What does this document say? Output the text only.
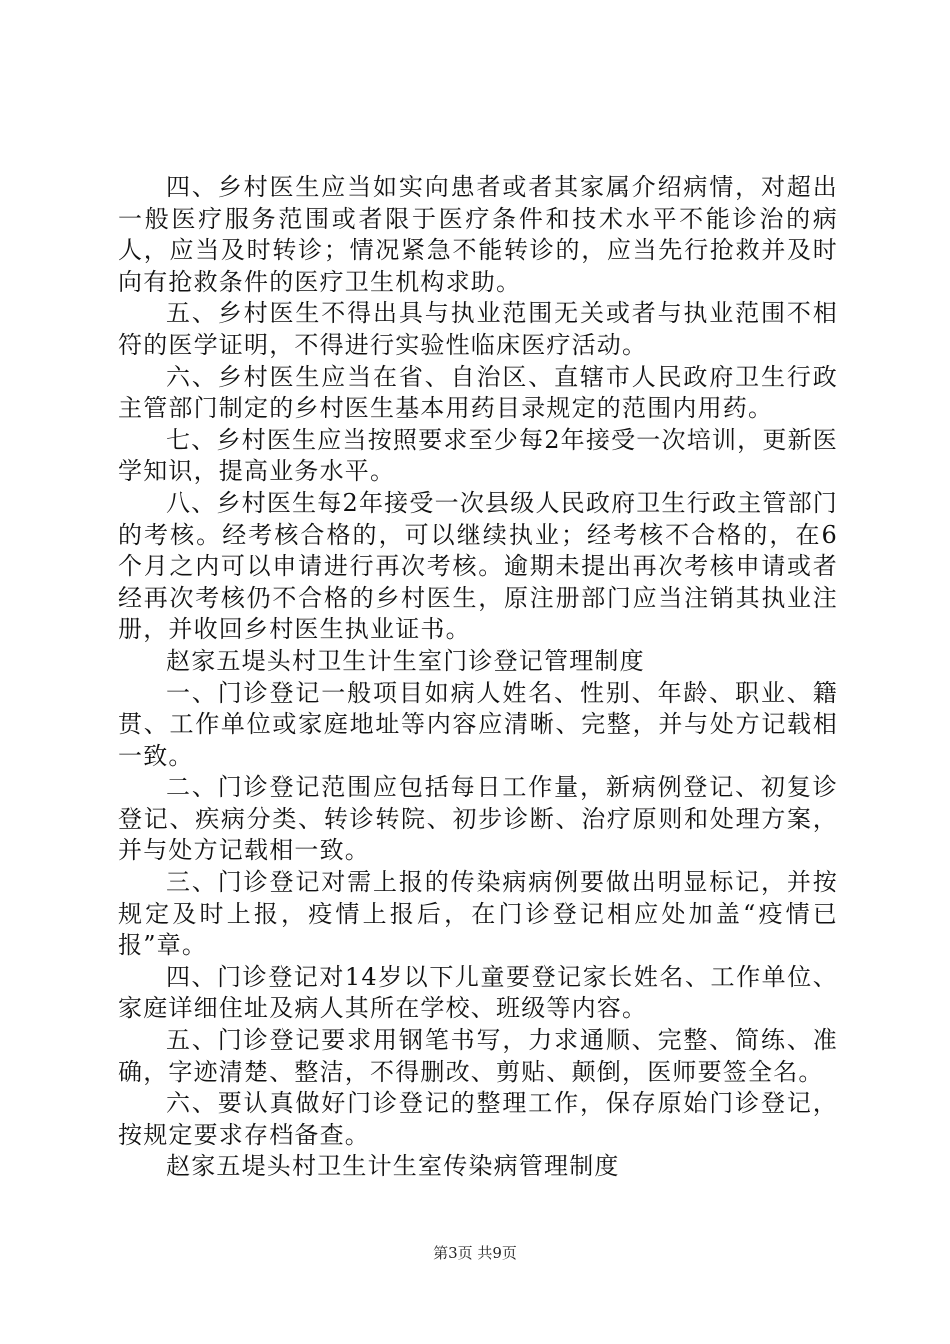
四、乡村医生应当如实向患者或者其家属介绍病情，对超出一般医疗服务范围或者限于医疗条件和技术水平不能诊治的病人，应当及时转诊；情况紧急不能转诊的，应当先行抢救并及时向有抢救条件的医疗卫生机构求助。

五、乡村医生不得出具与执业范围无关或者与执业范围不相符的医学证明，不得进行实验性临床医疗活动。

六、乡村医生应当在省、自治区、直辖市人民政府卫生行政主管部门制定的乡村医生基本用药目录规定的范围内用药。

七、乡村医生应当按照要求至少每2年接受一次培训，更新医学知识，提高业务水平。

八、乡村医生每2年接受一次县级人民政府卫生行政主管部门的考核。经考核合格的，可以继续执业；经考核不合格的，在6个月之内可以申请进行再次考核。逾期未提出再次考核申请或者经再次考核仍不合格的乡村医生，原注册部门应当注销其执业注册，并收回乡村医生执业证书。

赵家五堤头村卫生计生室门诊登记管理制度

一、门诊登记一般项目如病人姓名、性别、年龄、职业、籍贯、工作单位或家庭地址等内容应清晰、完整，并与处方记载相一致。

二、门诊登记范围应包括每日工作量，新病例登记、初复诊登记、疾病分类、转诊转院、初步诊断、治疗原则和处理方案，并与处方记载相一致。

三、门诊登记对需上报的传染病病例要做出明显标记，并按规定及时上报，疫情上报后，在门诊登记相应处加盖“疫情已报”章。

四、门诊登记对14岁以下儿童要登记家长姓名、工作单位、家庭详细住址及病人其所在学校、班级等内容。

五、门诊登记要求用钢笔书写，力求通顺、完整、简练、准确，字迹清楚、整洁，不得删改、剪贴、颠倒，医师要签全名。

六、要认真做好门诊登记的整理工作，保存原始门诊登记，按规定要求存档备查。

赵家五堤头村卫生计生室传染病管理制度

第3页 共9页
